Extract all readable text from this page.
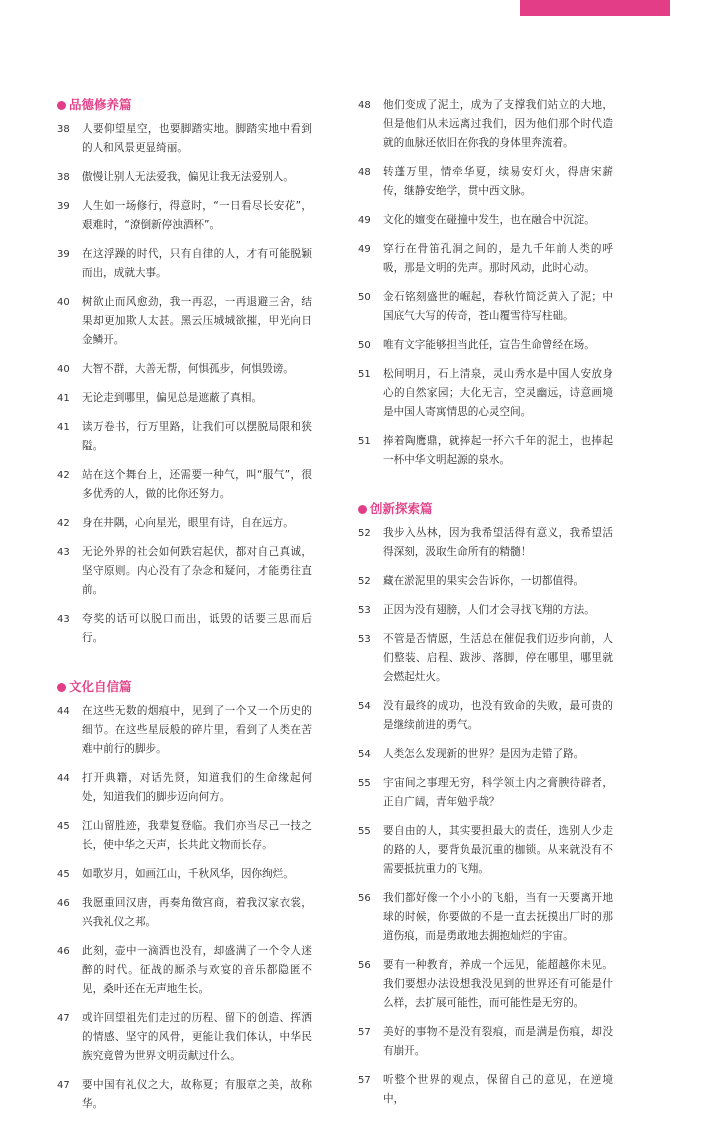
品德修养篇
38	人要仰望星空，也要脚踏实地。脚踏实地中看到的人和风景更显绮丽。
38	傲慢让别人无法爱我，偏见让我无法爱别人。
39	人生如一场修行，得意时，“一日看尽长安花”，艰难时，“潦倒新停浊酒杯”。
39	在这浮躁的时代，只有自律的人，才有可能脱颖而出，成就大事。
40	树欲止而风愈劲，我一再忍，一再退避三舍，结果却更加欺人太甚。黑云压城城欲摧，甲光向日金鳞开。
40	大智不群，大善无帮，何惧孤步，何惧毁谤。
41	无论走到哪里，偏见总是遮蔽了真相。
41	读万卷书，行万里路，让我们可以摆脱局限和狭隘。
42	站在这个舞台上，还需要一种气，叫“服气”，很多优秀的人，做的比你还努力。
42	身在井隅，心向星光，眼里有诗，自在远方。
43	无论外界的社会如何跌宕起伏，都对自己真诚，坚守原则。内心没有了杂念和疑问，才能勇往直前。
43	夸奖的话可以脱口而出，诋毁的话要三思而后行。
文化自信篇
44	在这些无数的烟痕中，见到了一个又一个历史的细节。在这些星辰般的碎片里，看到了人类在苦难中前行的脚步。
44	打开典籍，对话先贤，知道我们的生命缘起何处，知道我们的脚步迈向何方。
45	江山留胜迹，我辈复登临。我们亦当尽己一技之长，使中华之天声，长共此文物而长存。
45	如歌岁月，如画江山，千秋风华，因你绚烂。
46	我愿重回汉唐，再奏角徵宫商，着我汉家衣裳，兴我礼仪之邦。
46	此刻，壶中一滴酒也没有，却盛满了一个令人迷醉的时代。征战的厮杀与欢宴的音乐都隐匿不见，桑叶还在无声地生长。
47	或许回望祖先们走过的历程、留下的创造、挥洒的情感、坚守的风骨，更能让我们体认，中华民族究竟曾为世界文明贡献过什么。
47	要中国有礼仪之大，故称夏；有服章之美，故称华。
48	他们变成了泥土，成为了支撑我们站立的大地，但是他们从未远离过我们，因为他们那个时代造就的血脉还依旧在你我的身体里奔流着。
48	转蓬万里，情牵华夏，续易安灯火，得唐宋薪传，继静安绝学，贯中西文脉。
49	文化的嬗变在碰撞中发生，也在融合中沉淀。
49	穿行在骨笛孔洞之间的，是九千年前人类的呼吸，那是文明的先声。那时风动，此时心动。
50	金石铭刻盛世的崛起，春秋竹简泛黄入了泥；中国底气大写的传奇，苍山覆雪待写柱础。
50	唯有文字能够担当此任，宣告生命曾经在场。
51	松间明月，石上清泉，灵山秀水是中国人安放身心的自然家园；大化无言，空灵幽远，诗意画境是中国人寄寓情思的心灵空间。
51	捧着陶鹰鼎，就捧起一抔六千年的泥土，也捧起一杯中华文明起源的泉水。
创新探索篇
52	我步入丛林，因为我希望活得有意义，我希望活得深刻，汲取生命所有的精髓！
52	藏在淤泥里的果实会告诉你，一切都值得。
53	正因为没有翅膀，人们才会寻找飞翔的方法。
53	不管是否情愿，生活总在催促我们迈步向前，人们整装、启程、跋涉、落脚，停在哪里，哪里就会燃起灶火。
54	没有最终的成功，也没有致命的失败，最可贵的是继续前进的勇气。
54	人类怎么发现新的世界？是因为走错了路。
55	宇宙间之事理无穷，科学领土内之膏腴待辟者，正自广阔，青年勉乎哉？
55	要自由的人，其实要担最大的责任，选别人少走的路的人，要背负最沉重的枷锁。从来就没有不需要抵抗重力的飞翔。
56	我们都好像一个小小的飞船，当有一天要离开地球的时候，你要做的不是一直去抚摸出厂时的那道伤痕，而是勇敢地去拥抱灿烂的宇宙。
56	要有一种教育，养成一个远见，能超越你未见。我们要想办法设想我没见到的世界还有可能是什么样，去扩展可能性，而可能性是无穷的。
57	美好的事物不是没有裂痕，而是满是伤痕，却没有崩开。
57	听整个世界的观点，保留自己的意见，在逆境中，
